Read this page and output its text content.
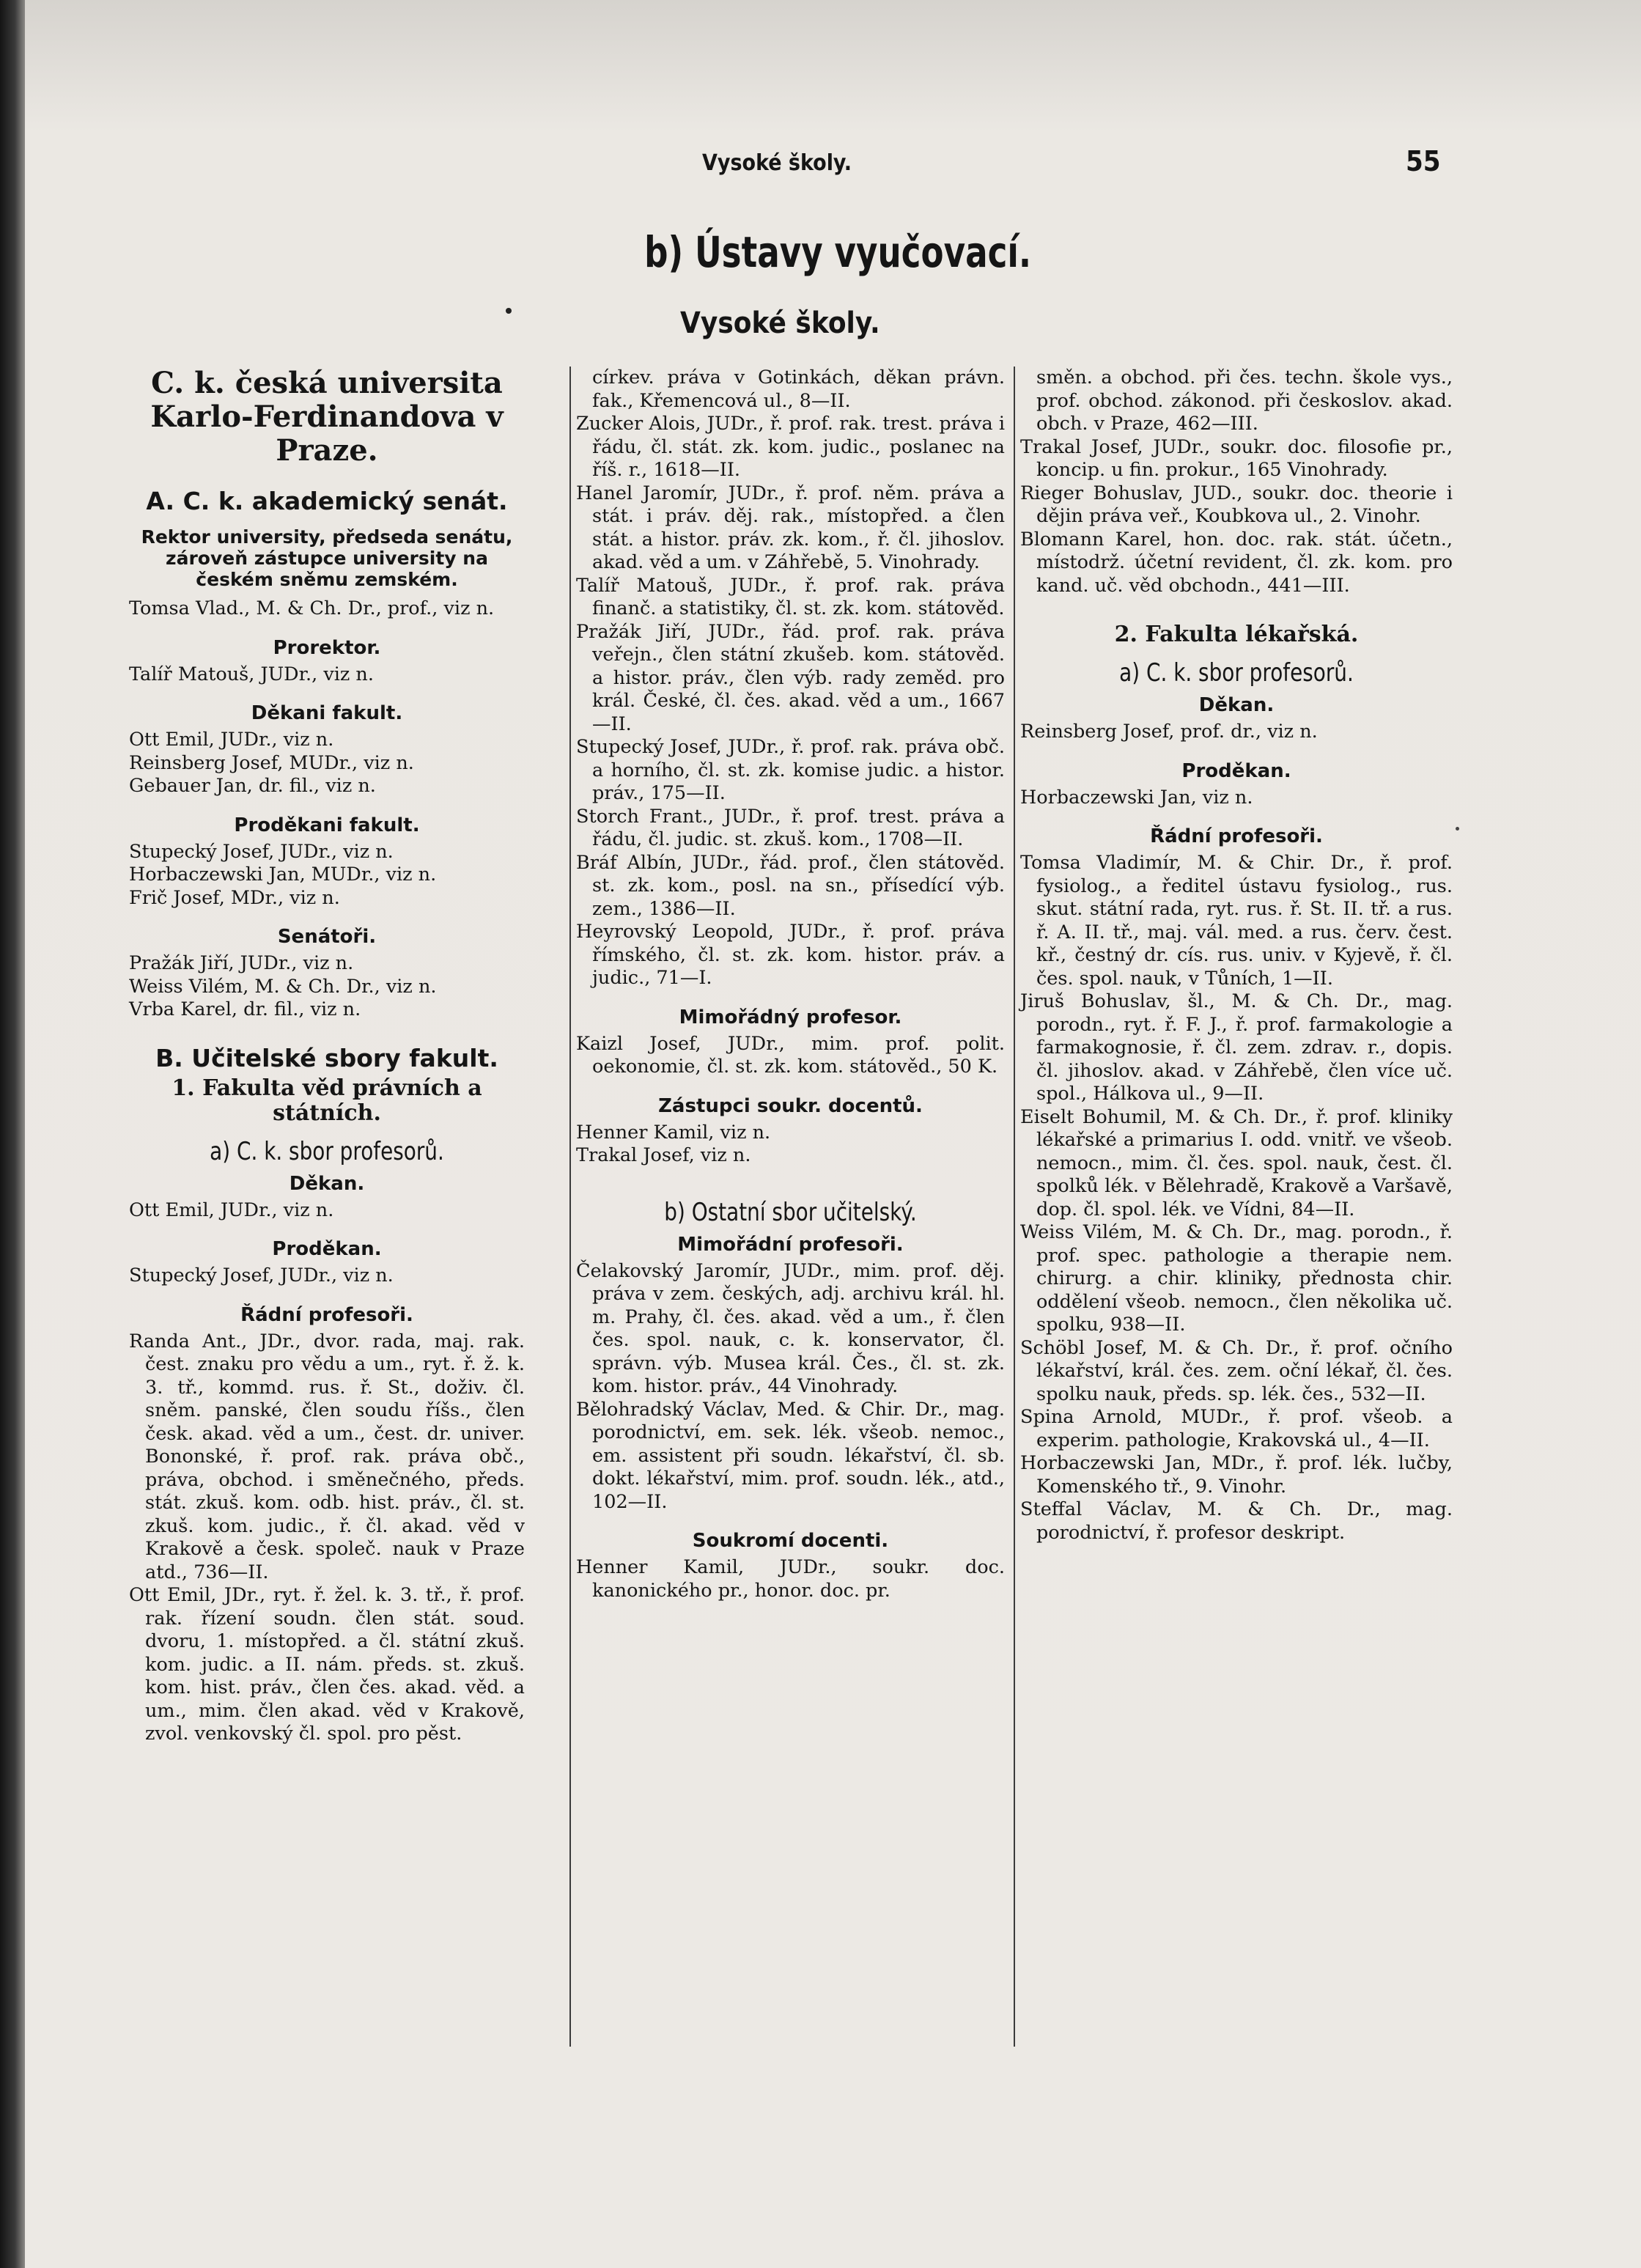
Vysoké školy.	55
b) Ústavy vyučovací.
Vysoké školy.

C. k. česká universita Karlo-Ferdinandova v Praze.

A. C. k. akademický senát.

Rektor university, předseda senátu, zároveň zástupce university na českém sněmu zemském.

Tomsa Vlad., M. & Ch. Dr., prof., viz n.

Prorektor.

Talíř Matouš, JUDr., viz n.

Děkani fakult.

Ott Emil, JUDr., viz n.

Reinsberg Josef, MUDr., viz n.

Gebauer Jan, dr. fil., viz n.

Proděkani fakult.

Stupecký Josef, JUDr., viz n.

Horbaczewski Jan, MUDr., viz n.

Frič Josef, MDr., viz n.

Senátoři.

Pražák Jiří, JUDr., viz n.

Weiss Vilém, M. & Ch. Dr., viz n.

Vrba Karel, dr. fil., viz n.

B. Učitelské sbory fakult.

1. Fakulta věd právních a státních.

a) C. k. sbor profesorů.

Děkan.

Ott Emil, JUDr., viz n.

Proděkan.

Stupecký Josef, JUDr., viz n.

Řádní profesoři.

Randa Ant., JDr., dvor. rada, maj. rak. čest. znaku pro vědu a um., ryt. ř. ž. k. 3. tř., kommd. rus. ř. St., doživ. čl. sněm. panské, člen soudu říšs., člen česk. akad. věd a um., čest. dr. univer. Bononské, ř. prof. rak. práva obč., práva, obchod. i směnečného, předs. stát. zkuš. kom. odb. hist. práv., čl. st. zkuš. kom. judic., ř. čl. akad. věd v Krakově a česk. společ. nauk v Praze atd., 736—II.

Ott Emil, JDr., ryt. ř. žel. k. 3. tř., ř. prof. rak. řízení soudn. člen stát. soud. dvoru, 1. místopřed. a čl. státní zkuš. kom. judic. a II. nám. předs. st. zkuš. kom. hist. práv., člen čes. akad. věd. a um., mim. člen akad. věd v Krakově, zvol. venkovský čl. spol. pro pěst.

církev. práva v Gotinkách, děkan právn. fak., Křemencová ul., 8—II.

Zucker Alois, JUDr., ř. prof. rak. trest. práva i řádu, čl. stát. zk. kom. judic., poslanec na říš. r., 1618—II.

Hanel Jaromír, JUDr., ř. prof. něm. práva a stát. i práv. děj. rak., místopřed. a člen stát. a histor. práv. zk. kom., ř. čl. jihoslov. akad. věd a um. v Záhřebě, 5. Vinohrady.

Talíř Matouš, JUDr., ř. prof. rak. práva finanč. a statistiky, čl. st. zk. kom. státověd.

Pražák Jiří, JUDr., řád. prof. rak. práva veřejn., člen státní zkušeb. kom. státověd. a histor. práv., člen výb. rady zeměd. pro král. České, čl. čes. akad. věd a um., 1667—II.

Stupecký Josef, JUDr., ř. prof. rak. práva obč. a horního, čl. st. zk. komise judic. a histor. práv., 175—II.

Storch Frant., JUDr., ř. prof. trest. práva a řádu, čl. judic. st. zkuš. kom., 1708—II.

Bráf Albín, JUDr., řád. prof., člen státověd. st. zk. kom., posl. na sn., přísedící výb. zem., 1386—II.

Heyrovský Leopold, JUDr., ř. prof. práva římského, čl. st. zk. kom. histor. práv. a judic., 71—I.

Mimořádný profesor.

Kaizl Josef, JUDr., mim. prof. polit. oekonomie, čl. st. zk. kom. státověd., 50 K.

Zástupci soukr. docentů.

Henner Kamil, viz n.

Trakal Josef, viz n.

b) Ostatní sbor učitelský.

Mimořádní profesoři.

Čelakovský Jaromír, JUDr., mim. prof. děj. práva v zem. českých, adj. archivu král. hl. m. Prahy, čl. čes. akad. věd a um., ř. člen čes. spol. nauk, c. k. konservator, čl. správn. výb. Musea král. Čes., čl. st. zk. kom. histor. práv., 44 Vinohrady.

Bělohradský Václav, Med. & Chir. Dr., mag. porodnictví, em. sek. lék. všeob. nemoc., em. assistent při soudn. lékařství, čl. sb. dokt. lékařství, mim. prof. soudn. lék., atd., 102—II.

Soukromí docenti.

Henner Kamil, JUDr., soukr. doc. kanonického pr., honor. doc. pr.

směn. a obchod. při čes. techn. škole vys., prof. obchod. zákonod. při českoslov. akad. obch. v Praze, 462—III.

Trakal Josef, JUDr., soukr. doc. filosofie pr., koncip. u fin. prokur., 165 Vinohrady.

Rieger Bohuslav, JUD., soukr. doc. theorie i dějin práva veř., Koubkova ul., 2. Vinohr.

Blomann Karel, hon. doc. rak. stát. účetn., místodrž. účetní revident, čl. zk. kom. pro kand. uč. věd obchodn., 441—III.

2. Fakulta lékařská.

a) C. k. sbor profesorů.

Děkan.

Reinsberg Josef, prof. dr., viz n.

Proděkan.

Horbaczewski Jan, viz n.

Řádní profesoři.

Tomsa Vladimír, M. & Chir. Dr., ř. prof. fysiolog., a ředitel ústavu fysiolog., rus. skut. státní rada, ryt. rus. ř. St. II. tř. a rus. ř. A. II. tř., maj. vál. med. a rus. červ. čest. kř., čestný dr. cís. rus. univ. v Kyjevě, ř. čl. čes. spol. nauk, v Tůních, 1—II.

Jiruš Bohuslav, šl., M. & Ch. Dr., mag. porodn., ryt. ř. F. J., ř. prof. farmakologie a farmakognosie, ř. čl. zem. zdrav. r., dopis. čl. jihoslov. akad. v Záhřebě, člen více uč. spol., Hálkova ul., 9—II.

Eiselt Bohumil, M. & Ch. Dr., ř. prof. kliniky lékařské a primarius I. odd. vnitř. ve všeob. nemocn., mim. čl. čes. spol. nauk, čest. čl. spolků lék. v Bělehradě, Krakově a Varšavě, dop. čl. spol. lék. ve Vídni, 84—II.

Weiss Vilém, M. & Ch. Dr., mag. porodn., ř. prof. spec. pathologie a therapie nem. chirurg. a chir. kliniky, přednosta chir. oddělení všeob. nemocn., člen několika uč. spolku, 938—II.

Schöbl Josef, M. & Ch. Dr., ř. prof. očního lékařství, král. čes. zem. oční lékař, čl. čes. spolku nauk, předs. sp. lék. čes., 532—II.

Spina Arnold, MUDr., ř. prof. všeob. a experim. pathologie, Krakovská ul., 4—II.

Horbaczewski Jan, MDr., ř. prof. lék. lučby, Komenského tř., 9. Vinohr.

Steffal Václav, M. & Ch. Dr., mag. porodnictví, ř. profesor deskript.
